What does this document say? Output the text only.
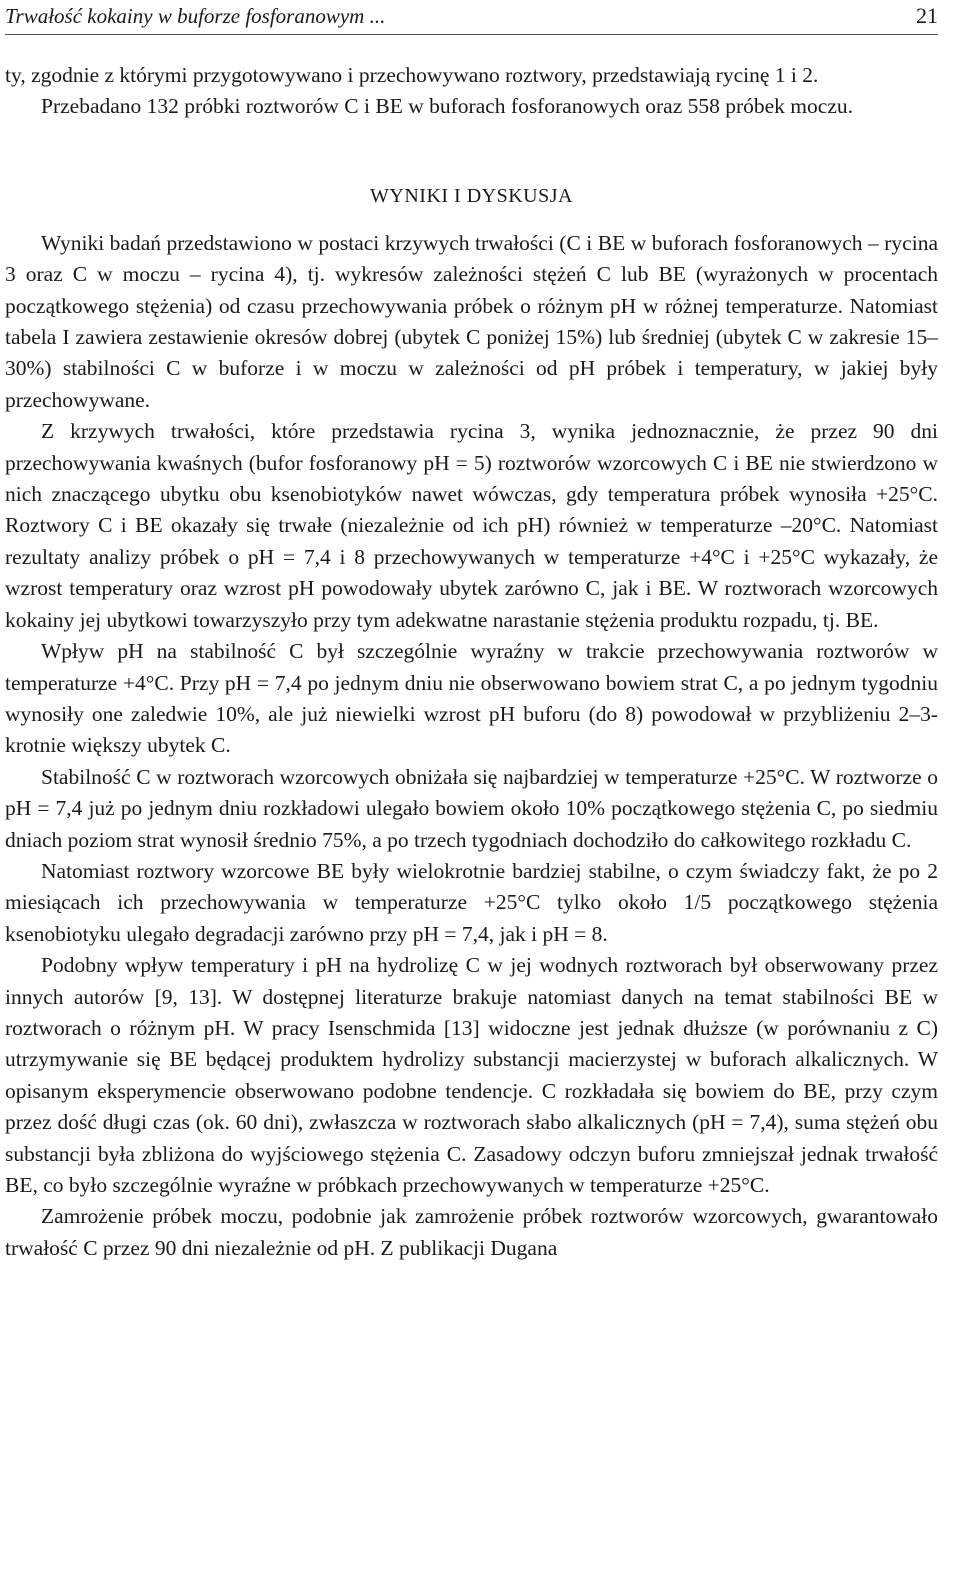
Trwałość kokainy w buforze fosforanowym ...	21

ty, zgodnie z którymi przygotowywano i przechowywano roztwory, przedstawiają rycinę 1 i 2.

Przebadano 132 próbki roztworów C i BE w buforach fosforanowych oraz 558 próbek moczu.

WYNIKI I DYSKUSJA

Wyniki badań przedstawiono w postaci krzywych trwałości (C i BE w buforach fosforanowych – rycina 3 oraz C w moczu – rycina 4), tj. wykresów zależności stężeń C lub BE (wyrażonych w procentach początkowego stężenia) od czasu przechowywania próbek o różnym pH w różnej temperaturze. Natomiast tabela I zawiera zestawienie okresów dobrej (ubytek C poniżej 15%) lub średniej (ubytek C w zakresie 15–30%) stabilności C w buforze i w moczu w zależności od pH próbek i temperatury, w jakiej były przechowywane.

Z krzywych trwałości, które przedstawia rycina 3, wynika jednoznacznie, że przez 90 dni przechowywania kwaśnych (bufor fosforanowy pH = 5) roztworów wzorcowych C i BE nie stwierdzono w nich znaczącego ubytku obu ksenobiotyków nawet wówczas, gdy temperatura próbek wynosiła +25°C. Roztwory C i BE okazały się trwałe (niezależnie od ich pH) również w temperaturze –20°C. Natomiast rezultaty analizy próbek o pH = 7,4 i 8 przechowywanych w temperaturze +4°C i +25°C wykazały, że wzrost temperatury oraz wzrost pH powodowały ubytek zarówno C, jak i BE. W roztworach wzorcowych kokainy jej ubytkowi towarzyszyło przy tym adekwatne narastanie stężenia produktu rozpadu, tj. BE.

Wpływ pH na stabilność C był szczególnie wyraźny w trakcie przechowywania roztworów w temperaturze +4°C. Przy pH = 7,4 po jednym dniu nie obserwowano bowiem strat C, a po jednym tygodniu wynosiły one zaledwie 10%, ale już niewielki wzrost pH buforu (do 8) powodował w przybliżeniu 2–3-krotnie większy ubytek C.

Stabilność C w roztworach wzorcowych obniżała się najbardziej w temperaturze +25°C. W roztworze o pH = 7,4 już po jednym dniu rozkładowi ulegało bowiem około 10% początkowego stężenia C, po siedmiu dniach poziom strat wynosił średnio 75%, a po trzech tygodniach dochodziło do całkowitego rozkładu C.

Natomiast roztwory wzorcowe BE były wielokrotnie bardziej stabilne, o czym świadczy fakt, że po 2 miesiącach ich przechowywania w temperaturze +25°C tylko około 1/5 początkowego stężenia ksenobiotyku ulegało degradacji zarówno przy pH = 7,4, jak i pH = 8.

Podobny wpływ temperatury i pH na hydrolizę C w jej wodnych roztworach był obserwowany przez innych autorów [9, 13]. W dostępnej literaturze brakuje natomiast danych na temat stabilności BE w roztworach o różnym pH. W pracy Isenschmida [13] widoczne jest jednak dłuższe (w porównaniu z C) utrzymywanie się BE będącej produktem hydrolizy substancji macierzystej w buforach alkalicznych. W opisanym eksperymencie obserwowano podobne tendencje. C rozkładała się bowiem do BE, przy czym przez dość długi czas (ok. 60 dni), zwłaszcza w roztworach słabo alkalicznych (pH = 7,4), suma stężeń obu substancji była zbliżona do wyjściowego stężenia C. Zasadowy odczyn buforu zmniejszał jednak trwałość BE, co było szczególnie wyraźne w próbkach przechowywanych w temperaturze +25°C.

Zamrożenie próbek moczu, podobnie jak zamrożenie próbek roztworów wzorcowych, gwarantowało trwałość C przez 90 dni niezależnie od pH. Z publikacji Dugana
